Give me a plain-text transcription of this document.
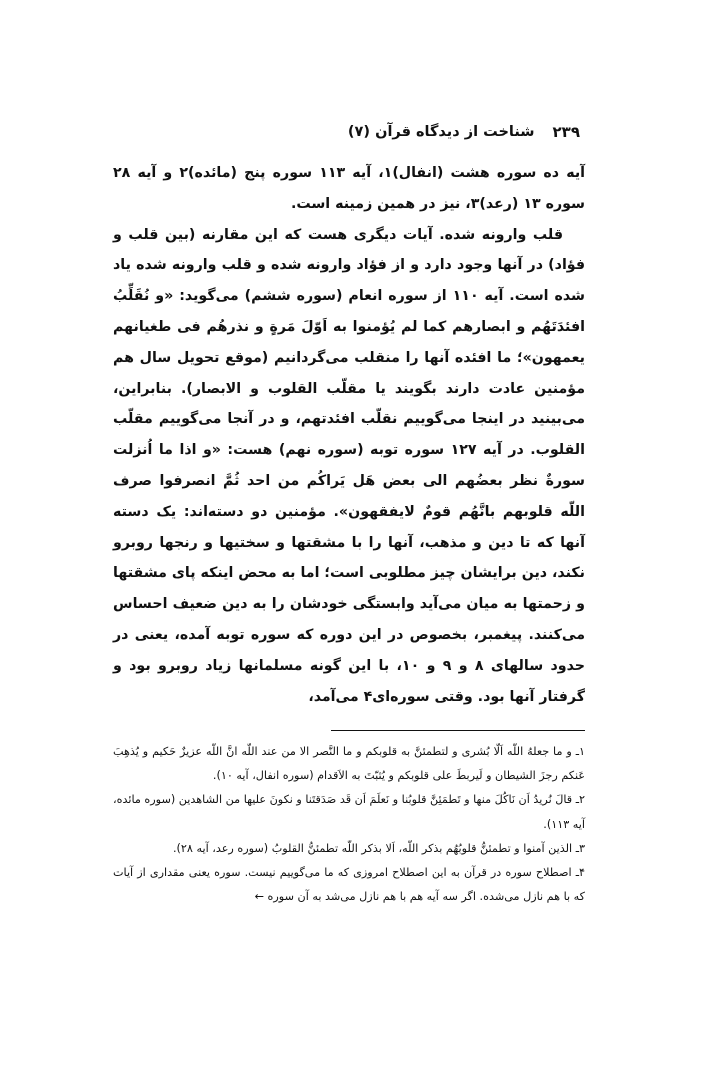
۲۳۹
شناخت از دیدگاه قرآن (۷)

آیه ده سوره هشت (انفال)۱، آیه ۱۱۳ سوره پنج (مائده)۲ و آیه ۲۸ سوره ۱۳ (رعد)۳، نیز در همین زمینه است.

قلب وارونه شده. آیات دیگری هست که این مقارنه (بین قلب و فؤاد) در آنها وجود دارد و از فؤاد وارونه شده و قلب وارونه شده یاد شده است. آیه ۱۱۰ از سوره انعام (سوره ششم) می‌گوید: «و نُقَلِّبُ افئدَتَهُم و ابصارهم کما لم یُؤمنوا به اَوّلَ مَرةٍ و نذرهُم فی طغیانهم یعمهون»؛ ما افئده آنها را منقلب می‌گردانیم (موقع تحویل سال هم مؤمنین عادت دارند بگویند یا مقلّب القلوب و الابصار). بنابراین، می‌بینید در اینجا می‌گوییم نقلّب افئدتهم، و در آنجا می‌گوییم مقلّب القلوب. در آیه ۱۲۷ سوره توبه (سوره نهم) هست: «و اذا ما اُنزلت سورةٌ نظر بعضُهم الی بعض هَل یَراکُم من احد ثُمَّ انصرفوا صرف اللّه قلوبهم بانَّهُم قومٌ لایفقهون». مؤمنین دو دسته‌اند: یک دسته آنها که تا دین و مذهب، آنها را با مشقتها و سختیها و رنجها روبرو نکند، دین برایشان چیز مطلوبی است؛ اما به محض اینکه پای مشقتها و زحمتها به میان می‌آید وابستگی خودشان را به دین ضعیف احساس می‌کنند. پیغمبر، بخصوص در این دوره که سوره توبه آمده، یعنی در حدود سالهای ۸ و ۹ و ۱۰، با این گونه مسلمانها زیاد روبرو بود و گرفتار آنها بود. وقتی سوره‌ای۴ می‌آمد،

۱ـ و ما جعلهُ اللّه اَلّا بُشری و لتطمئنَّ به قلوبکم و ما النَّصر الا من عند اللّه انَّ اللّه عزیزٌ حَکیم و یُذهِبَ عَنکم رجزَ الشیطان و لَیربطَ علی قلوبکم و یُثبّتَ به الاَقدام (سوره انفال، آیه ۱۰).

۲ـ قالَ نُریدُ اَن نَاکُلَ منها و تَطمَئِنَّ قلوبُنا و نَعلَمَ اَن قَد صَدَقتَنا و نکونَ علیها من الشاهدین (سوره مائده، آیه ۱۱۳).

۳ـ الذین آمنوا و تطمئنُّ قلوبُهُم بذکر اللّه، اَلا بذکر اللّه تطمئنُّ القلوبُ (سوره رعد، آیه ۲۸).

۴ـ اصطلاح سوره در قرآن به این اصطلاح امروزی که ما می‌گوییم نیست. سوره یعنی مقداری از آیات که با هم نازل می‌شده. اگر سه آیه هم با هم نازل می‌شد به آن سوره ←
